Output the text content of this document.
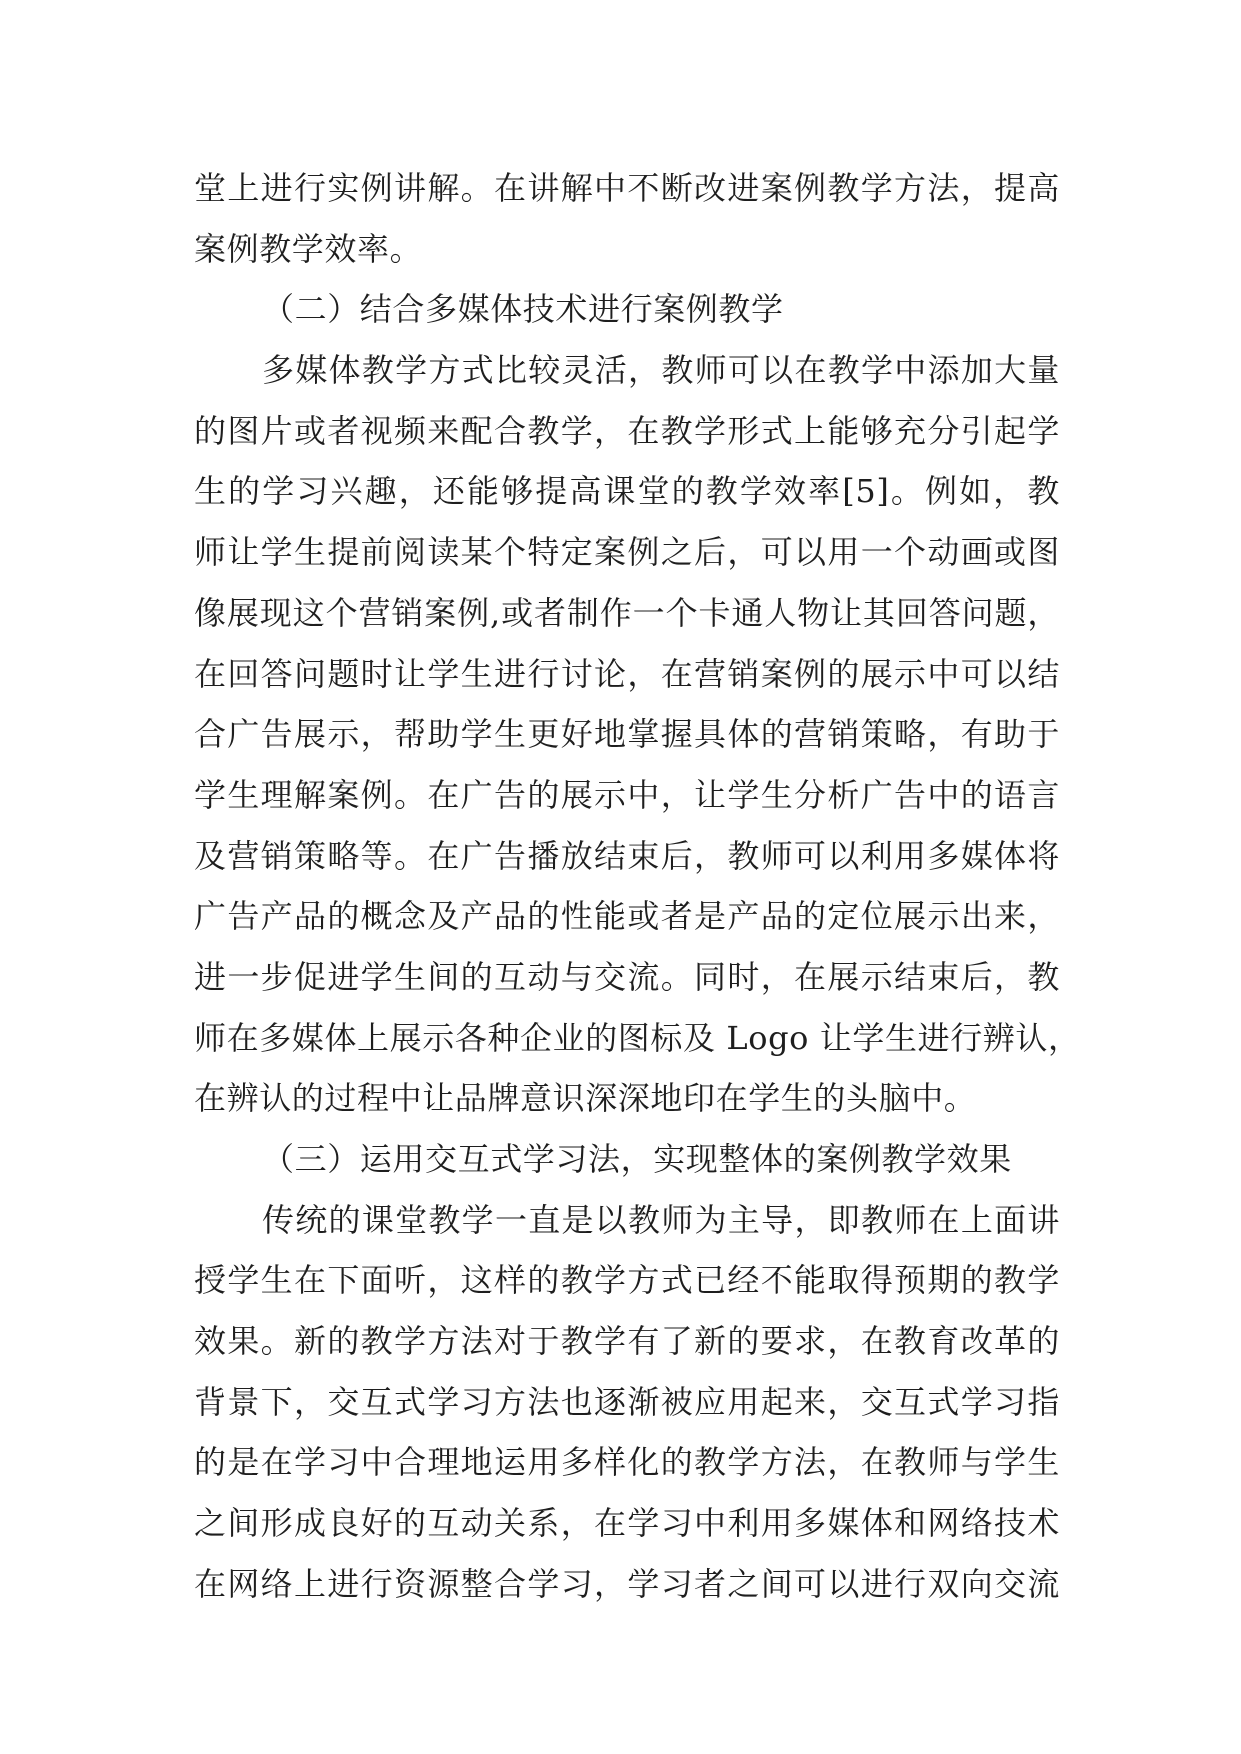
堂上进行实例讲解。在讲解中不断改进案例教学方法，提高
案例教学效率。
（二）结合多媒体技术进行案例教学
多媒体教学方式比较灵活，教师可以在教学中添加大量
的图片或者视频来配合教学，在教学形式上能够充分引起学
生的学习兴趣，还能够提高课堂的教学效率[5]。例如，教
师让学生提前阅读某个特定案例之后，可以用一个动画或图
像展现这个营销案例,或者制作一个卡通人物让其回答问题，
在回答问题时让学生进行讨论，在营销案例的展示中可以结
合广告展示，帮助学生更好地掌握具体的营销策略，有助于
学生理解案例。在广告的展示中，让学生分析广告中的语言
及营销策略等。在广告播放结束后，教师可以利用多媒体将
广告产品的概念及产品的性能或者是产品的定位展示出来，
进一步促进学生间的互动与交流。同时，在展示结束后，教
师在多媒体上展示各种企业的图标及 Logo 让学生进行辨认，
在辨认的过程中让品牌意识深深地印在学生的头脑中。
（三）运用交互式学习法，实现整体的案例教学效果
传统的课堂教学一直是以教师为主导，即教师在上面讲
授学生在下面听，这样的教学方式已经不能取得预期的教学
效果。新的教学方法对于教学有了新的要求，在教育改革的
背景下，交互式学习方法也逐渐被应用起来，交互式学习指
的是在学习中合理地运用多样化的教学方法，在教师与学生
之间形成良好的互动关系，在学习中利用多媒体和网络技术
在网络上进行资源整合学习，学习者之间可以进行双向交流
